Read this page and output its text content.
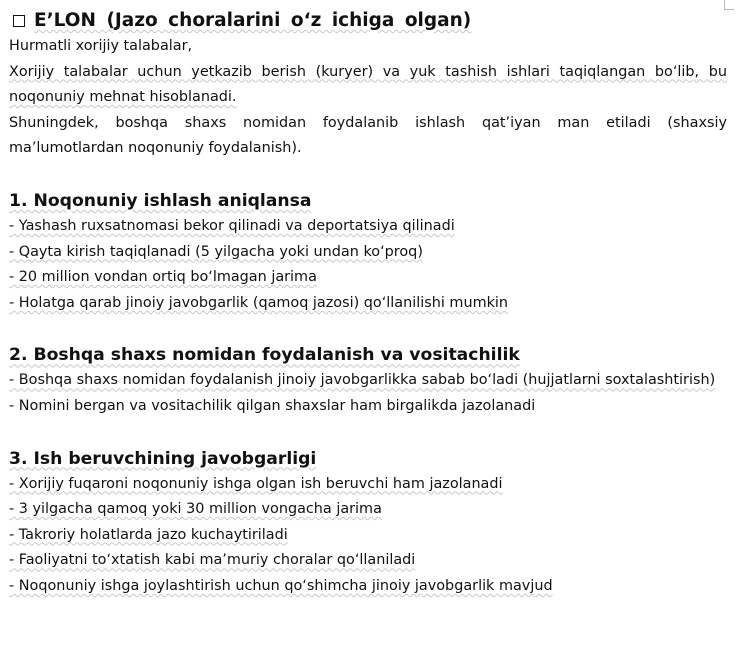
E’LON (Jazo choralarini o‘z ichiga olgan)

Hurmatli xorijiy talabalar,

Xorijiy talabalar uchun yetkazib berish (kuryer) va yuk tashish ishlari taqiqlangan bo‘lib, bu noqonuniy mehnat hisoblanadi.

Shuningdek, boshqa shaxs nomidan foydalanib ishlash qat’iyan man etiladi (shaxsiy ma’lumotlardan noqonuniy foydalanish).

1. Noqonuniy ishlash aniqlansa

- Yashash ruxsatnomasi bekor qilinadi va deportatsiya qilinadi

- Qayta kirish taqiqlanadi (5 yilgacha yoki undan ko‘proq)

- 20 million vondan ortiq bo‘lmagan jarima

- Holatga qarab jinoiy javobgarlik (qamoq jazosi) qo‘llanilishi mumkin

2. Boshqa shaxs nomidan foydalanish va vositachilik

- Boshqa shaxs nomidan foydalanish jinoiy javobgarlikka sabab bo‘ladi (hujjatlarni soxtalashtirish)

- Nomini bergan va vositachilik qilgan shaxslar ham birgalikda jazolanadi

3. Ish beruvchining javobgarligi

- Xorijiy fuqaroni noqonuniy ishga olgan ish beruvchi ham jazolanadi

- 3 yilgacha qamoq yoki 30 million vongacha jarima

- Takroriy holatlarda jazo kuchaytiriladi

- Faoliyatni to‘xtatish kabi ma’muriy choralar qo‘llaniladi

- Noqonuniy ishga joylashtirish uchun qo‘shimcha jinoiy javobgarlik mavjud
